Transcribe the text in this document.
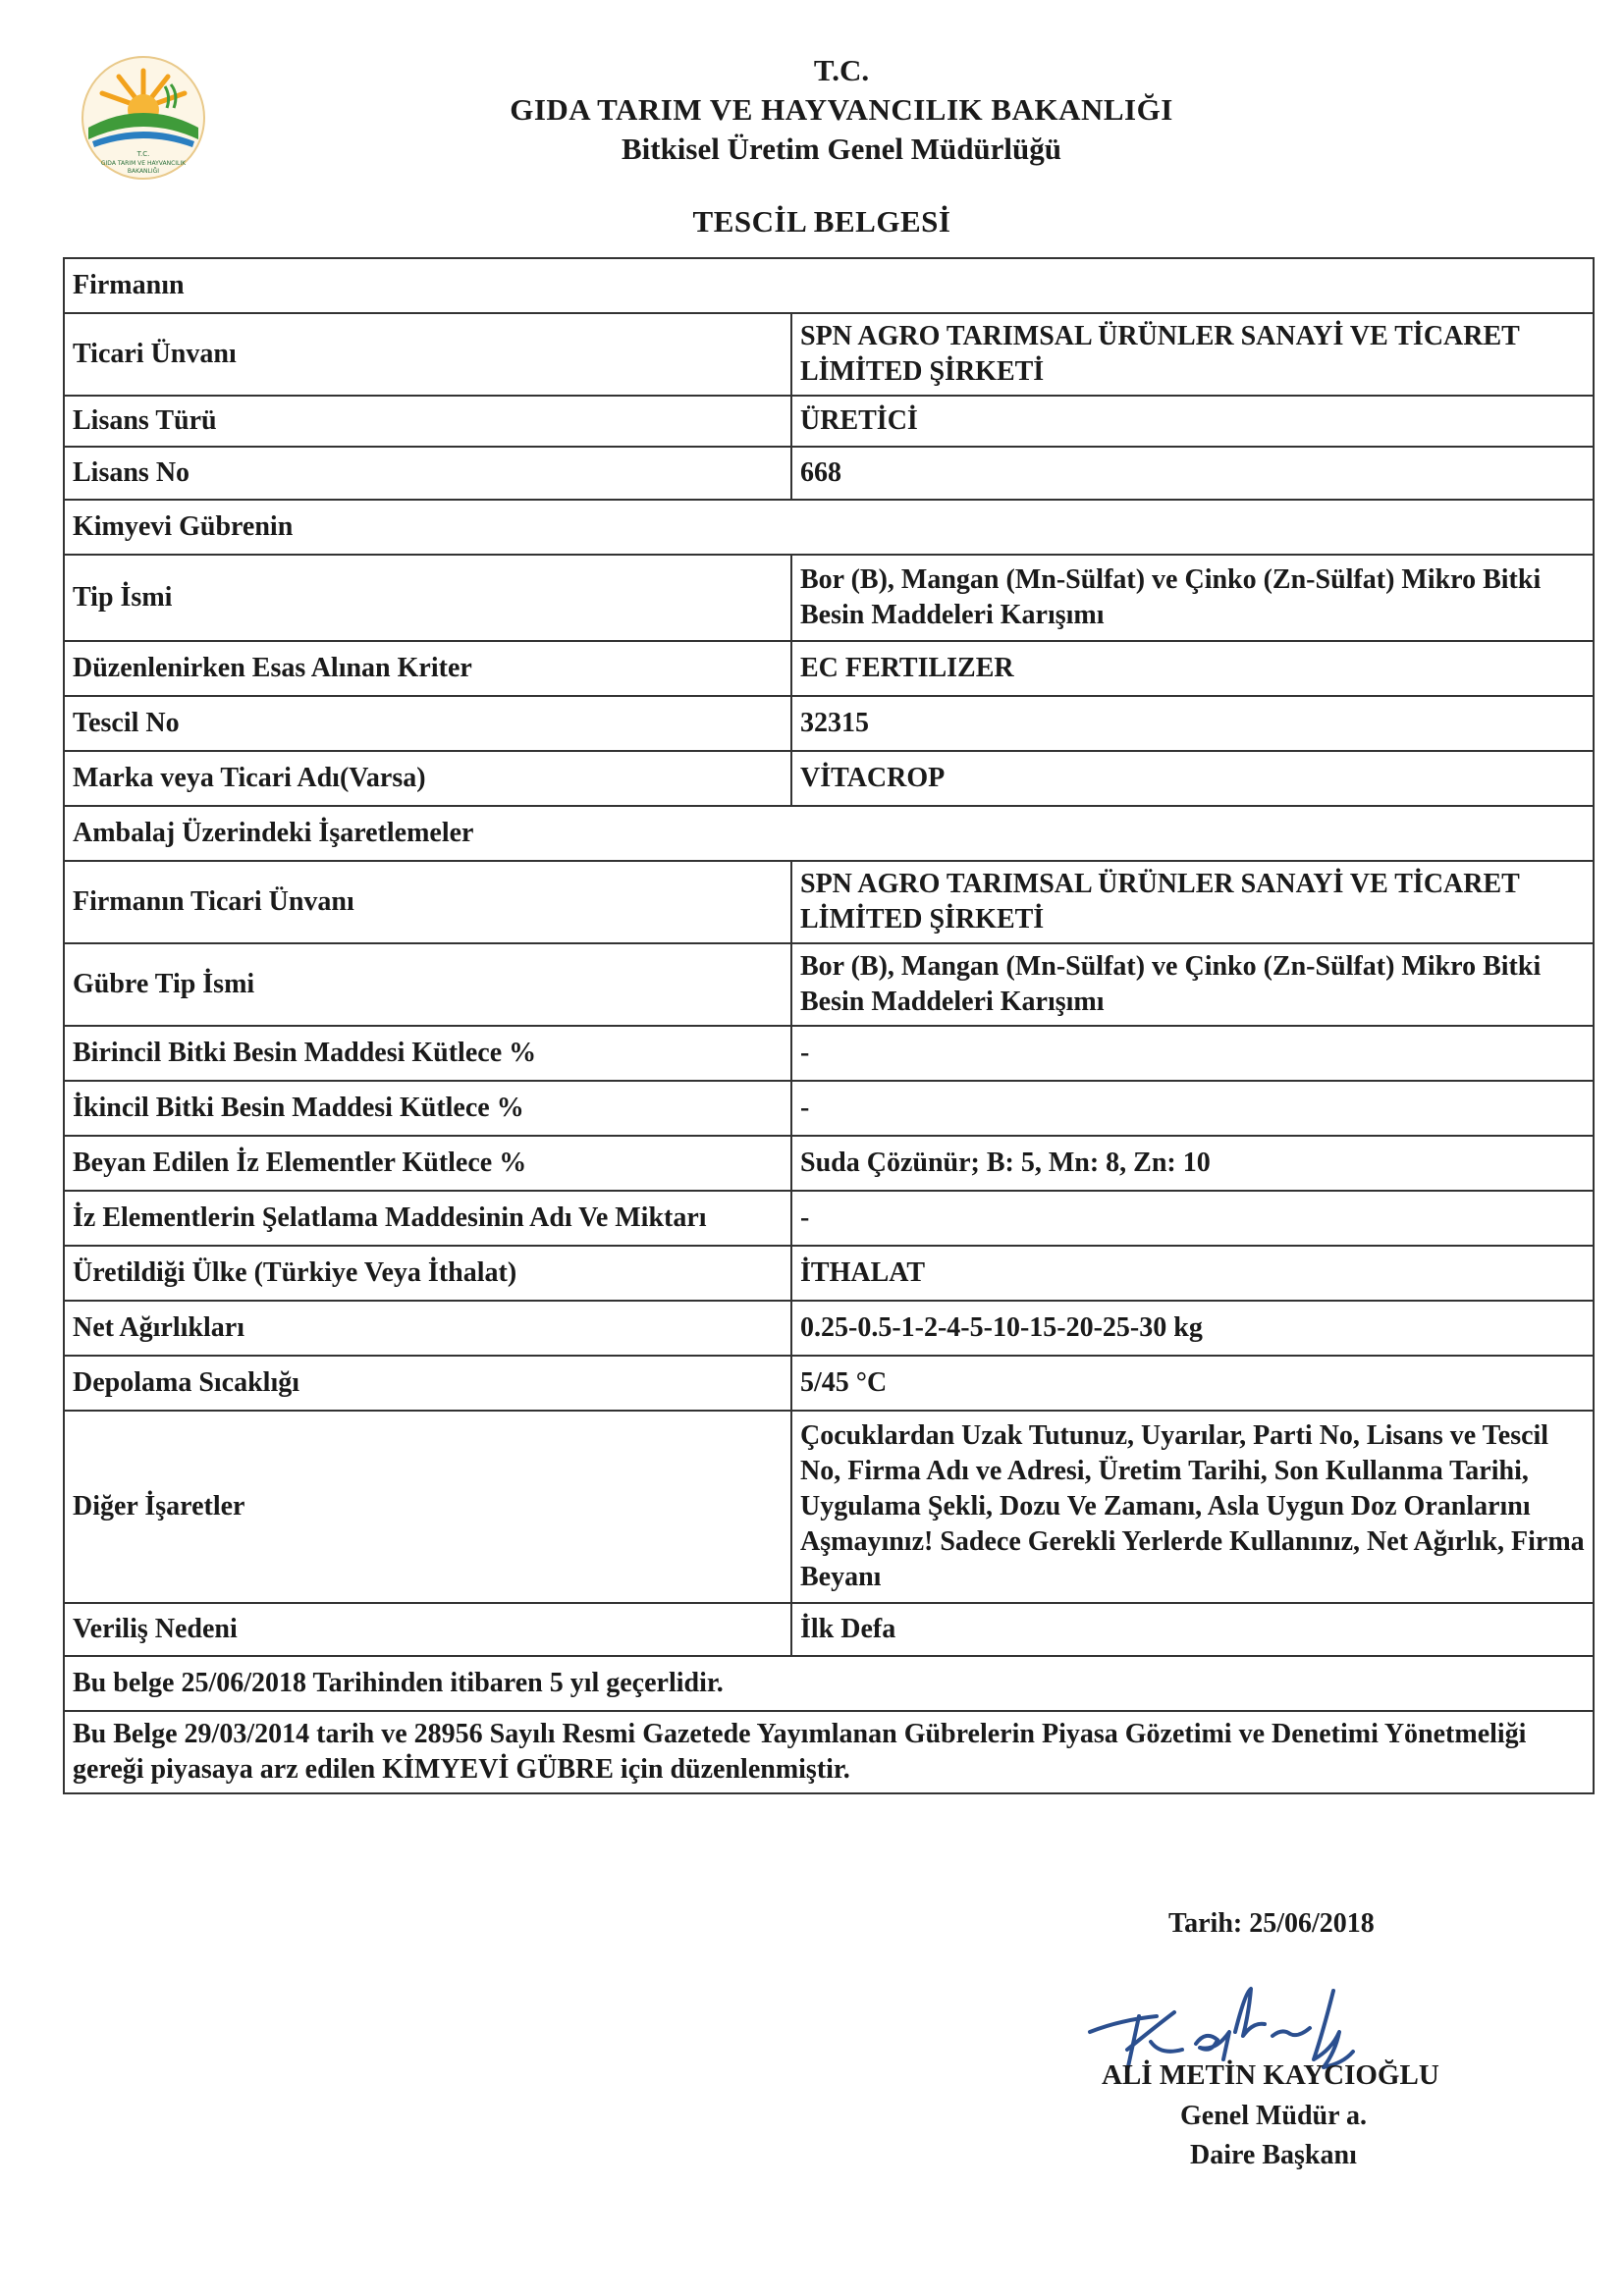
T.C.
GIDA TARIM VE HAYVANCILIK
BAKANLIĞI
T.C.
GIDA TARIM VE HAYVANCILIK BAKANLIĞI
Bitkisel Üretim Genel Müdürlüğü
TESCİL BELGESİ
Firmanın	
Ticari Ünvanı	SPN AGRO TARIMSAL ÜRÜNLER SANAYİ VE TİCARET LİMİTED ŞİRKETİ
Lisans Türü	ÜRETİCİ
Lisans No	668
Kimyevi Gübrenin	
Tip İsmi	Bor (B), Mangan (Mn-Sülfat) ve Çinko (Zn-Sülfat) Mikro Bitki Besin Maddeleri Karışımı
Düzenlenirken Esas Alınan Kriter	EC FERTILIZER
Tescil No	32315
Marka veya Ticari Adı(Varsa)	VİTACROP
Ambalaj Üzerindeki İşaretlemeler	
Firmanın Ticari Ünvanı	SPN AGRO TARIMSAL ÜRÜNLER SANAYİ VE TİCARET LİMİTED ŞİRKETİ
Gübre Tip İsmi	Bor (B), Mangan (Mn-Sülfat) ve Çinko (Zn-Sülfat) Mikro Bitki Besin Maddeleri Karışımı
Birincil Bitki Besin Maddesi Kütlece %	-
İkincil Bitki Besin Maddesi Kütlece %	-
Beyan Edilen İz Elementler Kütlece %	Suda Çözünür; B: 5, Mn: 8, Zn: 10
İz Elementlerin Şelatlama Maddesinin Adı Ve Miktarı	-
Üretildiği Ülke (Türkiye Veya İthalat)	İTHALAT
Net Ağırlıkları	0.25-0.5-1-2-4-5-10-15-20-25-30 kg
Depolama Sıcaklığı	5/45 °C
Diğer İşaretler	Çocuklardan Uzak Tutunuz, Uyarılar, Parti No, Lisans ve Tescil No, Firma Adı ve Adresi, Üretim Tarihi, Son Kullanma Tarihi, Uygulama Şekli, Dozu Ve Zamanı, Asla Uygun Doz Oranlarını Aşmayınız! Sadece Gerekli Yerlerde Kullanınız, Net Ağırlık, Firma Beyanı
Veriliş Nedeni	İlk Defa
Bu belge 25/06/2018 Tarihinden itibaren 5 yıl geçerlidir.	
Bu Belge 29/03/2014 tarih ve 28956 Sayılı Resmi Gazetede Yayımlanan Gübrelerin Piyasa Gözetimi ve Denetimi Yönetmeliği gereği piyasaya arz edilen KİMYEVİ GÜBRE için düzenlenmiştir.	
Tarih: 25/06/2018
ALİ METİN KAYCIOĞLU
Genel Müdür a.
Daire Başkanı
